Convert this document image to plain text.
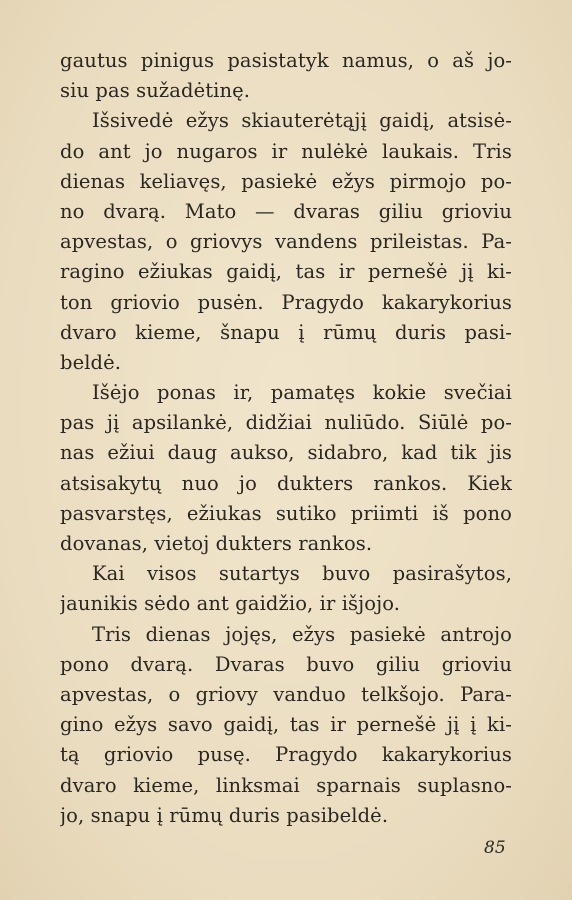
gautus pinigus pasistatyk namus, o aš jo-
siu pas sužadėtinę.
Išsivedė ežys skiauterėtąjį gaidį, atsisė-
do ant jo nugaros ir nulėkė laukais. Tris
dienas keliavęs, pasiekė ežys pirmojo po-
no dvarą. Mato — dvaras giliu grioviu
apvestas, o griovys vandens prileistas. Pa-
ragino ežiukas gaidį, tas ir pernešė jį ki-
ton griovio pusėn. Pragydo kakarykorius
dvaro kieme, šnapu į rūmų duris pasi-
beldė.
Išėjo ponas ir, pamatęs kokie svečiai
pas jį apsilankė, didžiai nuliūdo. Siūlė po-
nas ežiui daug aukso, sidabro, kad tik jis
atsisakytų nuo jo dukters rankos. Kiek
pasvarstęs, ežiukas sutiko priimti iš pono
dovanas, vietoj dukters rankos.
Kai visos sutartys buvo pasirašytos,
jaunikis sėdo ant gaidžio, ir išjojo.
Tris dienas jojęs, ežys pasiekė antrojo
pono dvarą. Dvaras buvo giliu grioviu
apvestas, o griovy vanduo telkšojo. Para-
gino ežys savo gaidį, tas ir pernešė jį į ki-
tą griovio pusę. Pragydo kakarykorius
dvaro kieme, linksmai sparnais suplasno-
jo, snapu į rūmų duris pasibeldė.
85
